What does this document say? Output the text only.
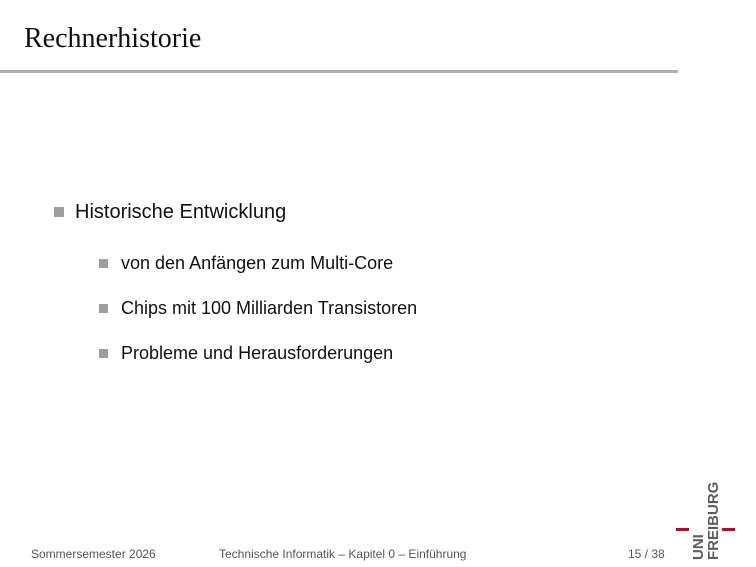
Rechnerhistorie
Historische Entwicklung
von den Anfängen zum Multi-Core
Chips mit 100 Milliarden Transistoren
Probleme und Herausforderungen
Sommersemester 2026	Technische Informatik – Kapitel 0 – Einführung	15 / 38 UNI
FREIBURG
